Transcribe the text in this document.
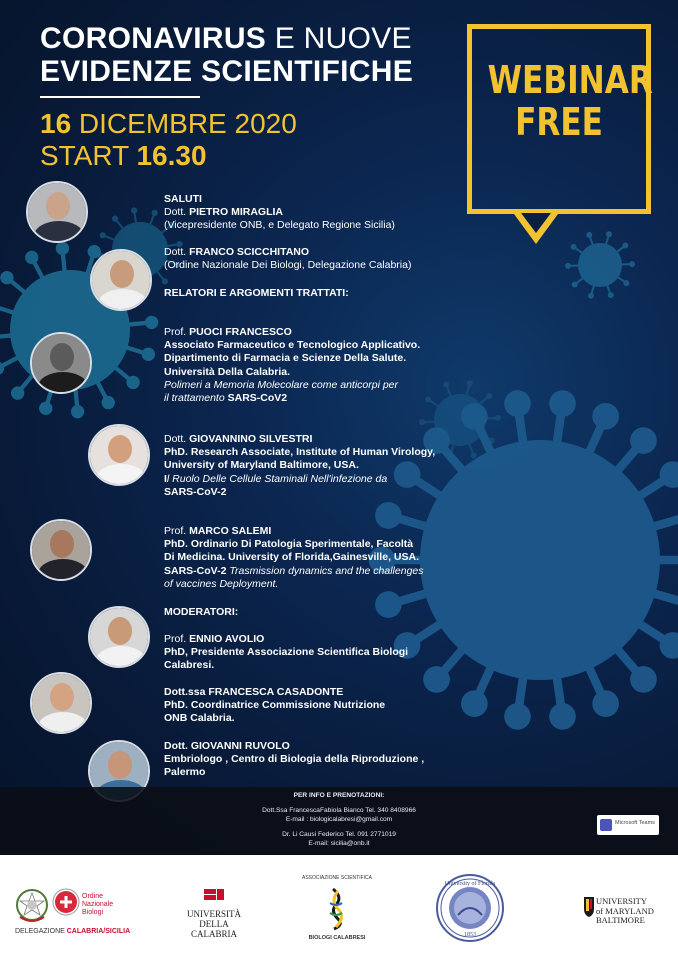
CORONAVIRUS E NUOVE
EVIDENZE SCIENTIFICHE
16 DICEMBRE 2020
START 16.30
WEBINAR
FREE
SALUTI
Dott. PIETRO MIRAGLIA
(Vicepresidente ONB, e Delegato Regione Sicilia)
Dott. FRANCO SCICCHITANO
(Ordine Nazionale Dei Biologi, Delegazione Calabria)
RELATORI E ARGOMENTI TRATTATI:
Prof. PUOCI FRANCESCO
Associato Farmaceutico e Tecnologico Applicativo.
Dipartimento di Farmacia e Scienze Della Salute.
Università Della Calabria.
Polimeri a Memoria Molecolare come anticorpi per
il trattamento SARS-CoV2
Dott. GIOVANNINO SILVESTRI
PhD. Research Associate, Institute of Human Virology,
University of Maryland Baltimore, USA.
Il Ruolo Delle Cellule Staminali Nell'infezione da
SARS-CoV-2
Prof. MARCO SALEMI
PhD. Ordinario Di Patologia Sperimentale, Facoltà
Di Medicina. University of Florida,Gainesville, USA.
SARS-CoV-2 Trasmission dynamics and the challenges
of vaccines Deployment.
MODERATORI:
Prof. ENNIO AVOLIO
PhD, Presidente Associazione Scientifica Biologi
Calabresi.
Dott.ssa FRANCESCA CASADONTE
PhD. Coordinatrice Commissione Nutrizione
ONB Calabria.
Dott. GIOVANNI RUVOLO
Embriologo , Centro di Biologia della Riproduzione ,
Palermo
PER INFO E PRENOTAZIONI:
Dott.Ssa FrancescaFabiola Bianco Tel. 340 8408966
E-mail : biologicalabresi@gmail.com
Dr. Li Causi Federico Tel. 091 2771019
E-mail: sicilia@onb.it
Microsoft Teams
ASSOCIAZIONE SCIENTIFICA
BIOLOGI CALABRESI
University of Florida
1853
Ordine
Nazionale
Biologi
DELEGAZIONE CALABRIA/SICILIA
UNIVERSITÀ DELLA
CALABRIA
UNIVERSITY
of MARYLAND
BALTIMORE
